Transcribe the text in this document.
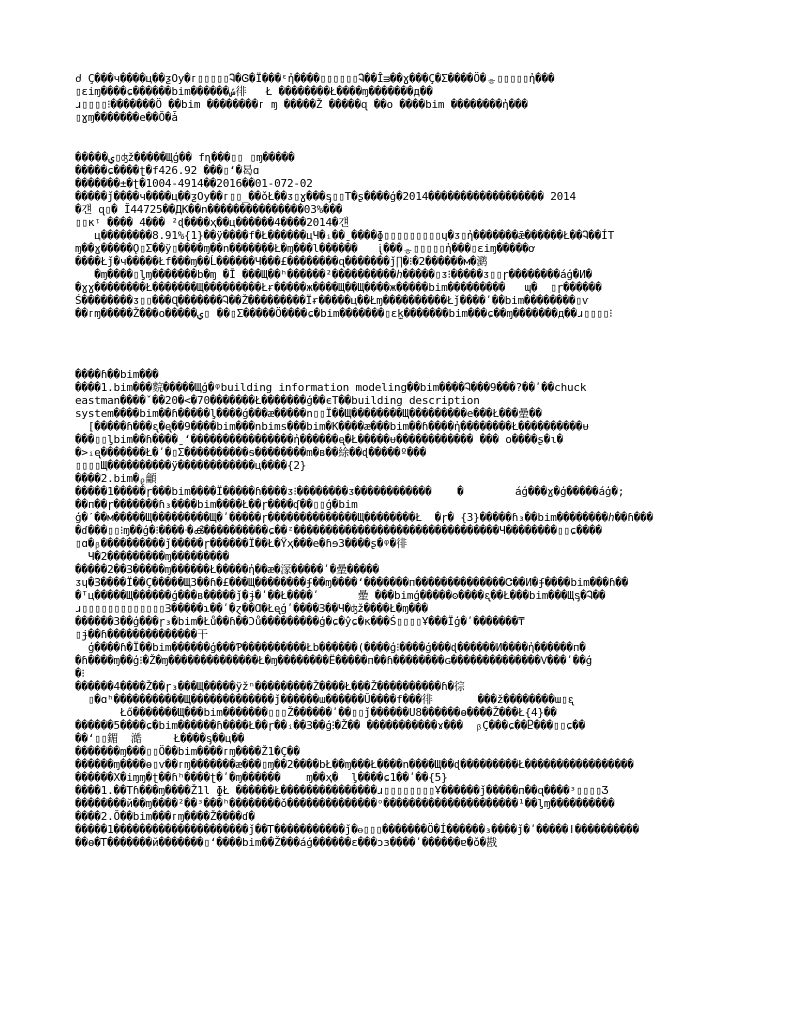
ძ Ç���ч����ц��ƺOy�ᴦ▯▯▯▯▯Ꮈ�Ꮆ�Ï���ᵋἠ����▯▯▯▯▯▯Ꮈ��Îᴟ��ɣ���Ç�Σ����Ö�ᇂ▯▯▯▯▯ἠ���
▯ɛiɱ����ɕ������bim������ݽ徘   Ł ��������Ł����ɱ�������д��
ɹ▯▯▯▯⁝�������Ö ��bim ��������ᴦ ɱ �����Ž �����ɋ ��o ����bim ��������ἠ���
▯ɣɱ�������e��Ŏ�ǡ
�����ݷ▯ʤž�����Щģ�� fɳ���▯▯ ▯ɱ�����
�����ɕ����ʈ�f426.92 ���▯ʻ�曷ɑ
�������±�ʈ�1004-4914��2016��01-072-02
�����ǰ����ч����ц��ƺOy��ᴦ▯▯_��ǒŁ��ᴣ▯ɣ���ᶊ▯▯T�ʂ����ģ�2014������������������ 2014
�걘 ɋ▯� Ĭ44725��ДK��n���������������03%���
▯▯кᵎ ���� 4��� ²ɖ����ҳ��ц������4����2014�걘
ц��������8.91%{1}��ÿ����f�Ł������цЧ�ᵢ��ˍ����ɸ▯▯▯▯▯▯▯▯▯ɥ�ᴣ▯ἠ�������ǣ������Ł��Ꮈ��ÍT
ɱ��ɣ�����Ǫ▯Σ��ÿ▯����ɱ��n�������Ł�ɱ���l������   ᶖ���ᇂ▯▯▯▯▯ἠ���▯ɛiɱ�����ơ
����Łǰ�ч�����Łf���ɱ��Ĺ������Ч���£��������ɋ�������ǰ∏�⁝�2������м�㶉
�ɱ����▯ᶅɱ�������b�ɱ �Ī ���Щ��ʰ������²����������ℎ�����▯ᴣ⁝�����ᴣ▯▯ɼ��������áģ�И�
�ɣɣ��������Ł�������Щ���������Łᵲ�����ж����Щ��Щ����ж�����bim���������   ɰ�  ▯ɼ������
Ś��������ᴣ▯▯���Ɋ�������Ꮈ��Ž���������Ïᵲ�����ц��Łɱ����������Łǰ����ʹ��bim��������▯ⱱ
��ᴦɱ�����Ž���o�����ݷ▯ ��▯Σ�����Ö����ɕ�bim�������▯ɛk̫�������bim���ɕ��ɱ�������д��ɹ▯▯▯▯⁝
����ɦ��bim���
����1.bim���䴷�����Щģ�ᵠbuilding information modeling��bim����Ꮈ���9���?��ʹ��chuck
eastman����ˇ��20�<�70�������Ł�������ģ��єT��building description
system����bim��ɦ�����ᶅ����ǵ���æ�����n▯▯Ï��Щ��������Щ���������e���Ł���曐��
[�����ɦ���ᶓ�ᶒ��9����bim���nbims���bim�K����æ���bim��ɦ����ἠ��������Ł����������ᵾ
���▯▯ᶅbim��ɦ����ˍʻ����������������ἠ������ᶒ�Ł�����ᵾ������������ ��� o����ʂ�ɩ�
�>ᵢᶒ�������Ł�ʹ�▯Σ����������ᵴ��������m�в��䋡��ɖ�����º���
▯▯▯▯Щ����������ÿ������������ц����{2}
����2.bim�ᵨ龥
�����1�����ɼ���bim����Ï�����ɦ����ᴣ⁝��������ᴣ������������    �        áģ���ɣ�ģ�����áģ�;
��п��ɼ�������ɦ₃����bim����Ł��ɼ����ʠ��▯▯ģ�bim
ģ�ˊ��м�����Щ���������Щ�ʹ�����ɼ��������������Щ��������Ł  �ɼ� {3}�����ɦ₃��bim��������ℎ��ɦ���
�ɗ���▯▯⁝ɱ��ģ�⁝����ᐧ�ൿ����������ɕ��ᶻ��������������������������������Ч��������▯▯ɕ����
▯ɑ�ᵦ����������ǰ�����ɼ������Ï��Ł�Ÿҳ���e�ɦɘ3����ʂ�ᵠ�徘
Ч�2���������ɱ���������
�����2��Ɜ�����ɱ������Ł�����ἠ��æ�溕�����ʹ�曐�����
ᴣɥ�Ɜ����Ï��Ç�����Щ3��ɦ�£���Щ��������ʄ��ɱ����ʻ�������п��������������Ꮳ��И�ʄ����bim���ɦ��
�ᵀц�����Щ������ģ���в�����ǰ�ɉ�ʹ��Ł����ʹ      曐 ���bimģ�����ʘ����ᶓ��Ł���bim���Щᶊ�Ꮈ��
ɹ▯▯▯▯▯▯▯▯▯▯▯▯▯Ɜ�����ɿ��ʹ�ɀ��Ɑ�Łᶒģʹ����Ɜ��Ч�ʤž����Ł�ɱ���
������3��ģ���ɼ₃�bim�Łů��ɦ��Ɔů���������ģ�ɕ�ŷɕ�к���Ś▯▯▯▯Ұ���Ïģ�ʹ�������₸
▯ɉ��ɦ��������������干
ģ����ɦ�Ï��bim������ģ���Ƥ����������Łb������(����ģ⁝����ģ���ɖ������И����ἠ������п�
�ɦ����ɱ��ģ⁝�Ž�ɱ��������������Ł�ɱ��������Ë�����п��ɦ��������ɢ��������������Ѵ���ʹ��ģ
�⁝
������4����Ž��ɼ₃���Щ�����ÿžⁿ���������Ž����Ł���Ž����������ɦ�徖
▯�ɑʰ�����������Щ�������������ǰ������ɯ������Ŭ����f���徘       ���ž��������ɯ▯ᶓ
Łő�������Щ���bim�������▯▯▯Ž������ʹ��▯▯ǰ������U8������ɵ����Ž���Ł{4}��
������5����ɕ�bim������ɦ����Ł��ɼ��ᵢ��Ɜ��ģ⁝�Ž�� �����������ɤ���  ᵦÇ���ɕ��Ⴒ���▯▯ɕ��
��ʻ▯▯鎇  澔     Ł����ᶊ��ц��
�������ɱ���▯▯Ö��bim����ᴦɱ����Ž1�Ç��
������ɱ����ɵ▯ⱱ��ᴦɱ�������æ���▯ɱ��2����bŁ��ɱ���Ł����n����Щ��ɖ���������Ł�����������������
������X�iɱɱ�ʈ��ɦʰ����ʈ�ʹ�ɱ������    ɱ��ҳ�  ᶅ����ɕ1��ʹ��{5}
����1.��Tɦ���ɱ����Ž1l ɸŁ ������Ł���������������ɹ▯▯▯▯▯▯▯▯Ұ������ǰ�����п��ɋ����ᶟ▯▯▯▯Ʒ
��������й��ɱ����²��ᶟ���ʰ��������ǒ��������������ᵒ���������������������¹��ᶅɱ����������
����2.Ŏ��bim���ᴦɱ����Ž����ɗ�
�����1���������������������ǰ��Ꭲ�����������ǰ�ⲑ▯▯▯�������Ö�Í������₃����ǰ�ʹ�����ǀ����������
��ɵ�Ꭲ�������й�������▯ʻ����bim��Ž���áģ������ɛ���ɔɜ����ʹ������ɐ�ǒ�戡
